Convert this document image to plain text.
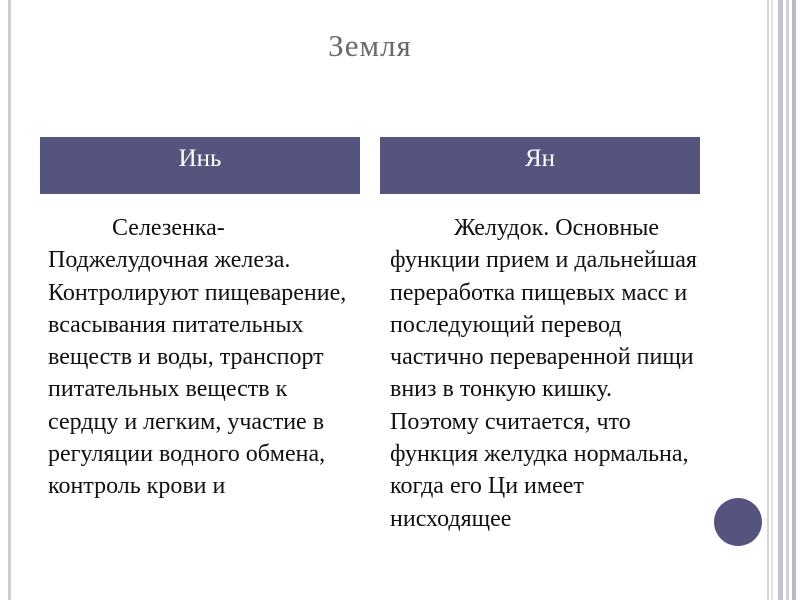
Земля
Инь	Ян
Селезенка- Поджелудочная железа. Контролируют пищеварение, всасывания питательных веществ и воды, транспорт питательных веществ к сердцу и легким, участие в регуляции водного обмена, контроль крови и
Желудок. Основные функции прием и дальнейшая переработка пищевых масс и последующий перевод частично переваренной пищи вниз в тонкую кишку. Поэтому считается, что функция желудка нормальна, когда его Ци имеет нисходящее
